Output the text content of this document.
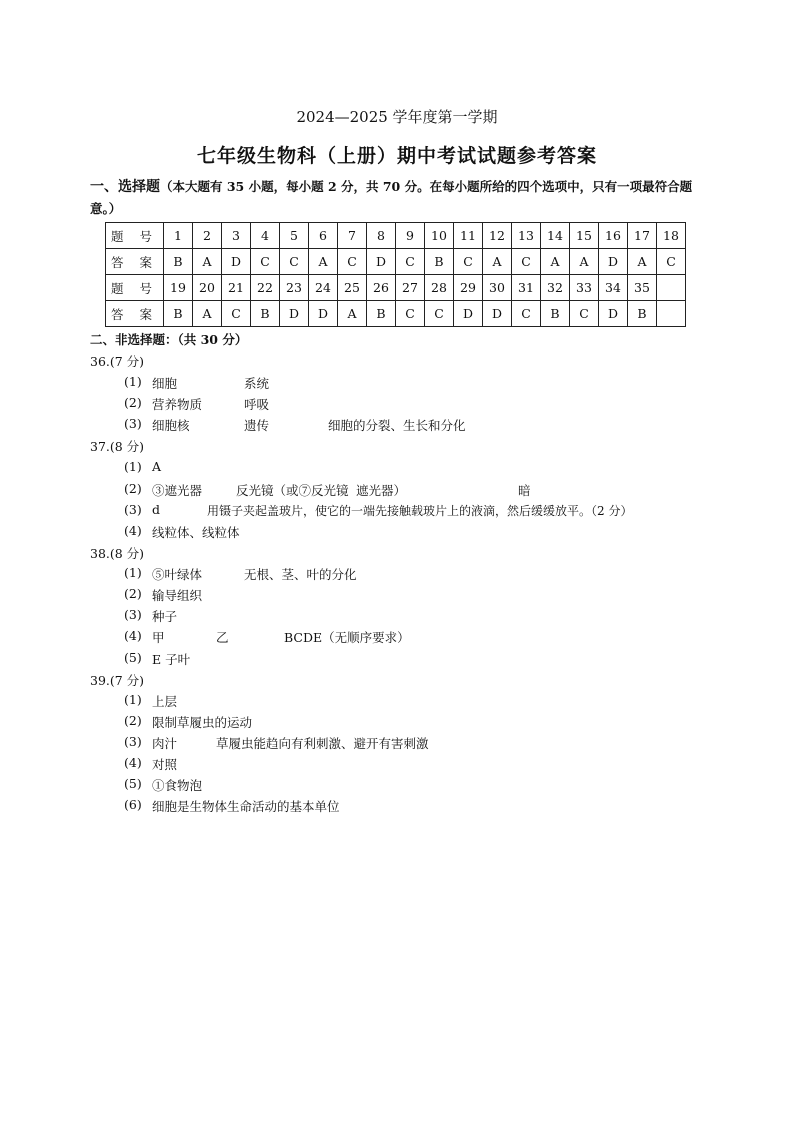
2024—2025 学年度第一学期
七年级生物科（上册）期中考试试题参考答案
一、选择题（本大题有 35 小题，每小题 2 分，共 70 分。在每小题所给的四个选项中，只有一项最符合题意。）
题 号	1	2	3	4	5	6	7	8	9	10	11	12	13	14	15	16	17	18
答 案	B	A	D	C	C	A	C	D	C	B	C	A	C	A	A	D	A	C
题 号	19	20	21	22	23	24	25	26	27	28	29	30	31	32	33	34	35	
答 案	B	A	C	B	D	D	A	B	C	C	D	D	C	B	C	D	B	
二、非选择题：（共 30 分）
36.(7 分)
(1) 细胞	系统
(2) 营养物质	呼吸
(3) 细胞核	遗传	细胞的分裂、生长和分化
37.(8 分)
(1) A
(2) ③遮光器	反光镜（或⑦反光镜 遮光器）	暗
(3) d	用镊子夹起盖玻片，使它的一端先接触载玻片上的液滴，然后缓缓放平。（2 分）
(4) 线粒体、线粒体
38.(8 分)
(1) ⑤叶绿体	无根、茎、叶的分化
(2) 输导组织
(3) 种子
(4) 甲	乙	BCDE（无顺序要求）
(5) E 子叶
39.(7 分)
(1) 上层
(2) 限制草履虫的运动
(3) 肉汁	草履虫能趋向有利刺激、避开有害刺激
(4) 对照
(5) ①食物泡
(6) 细胞是生物体生命活动的基本单位
